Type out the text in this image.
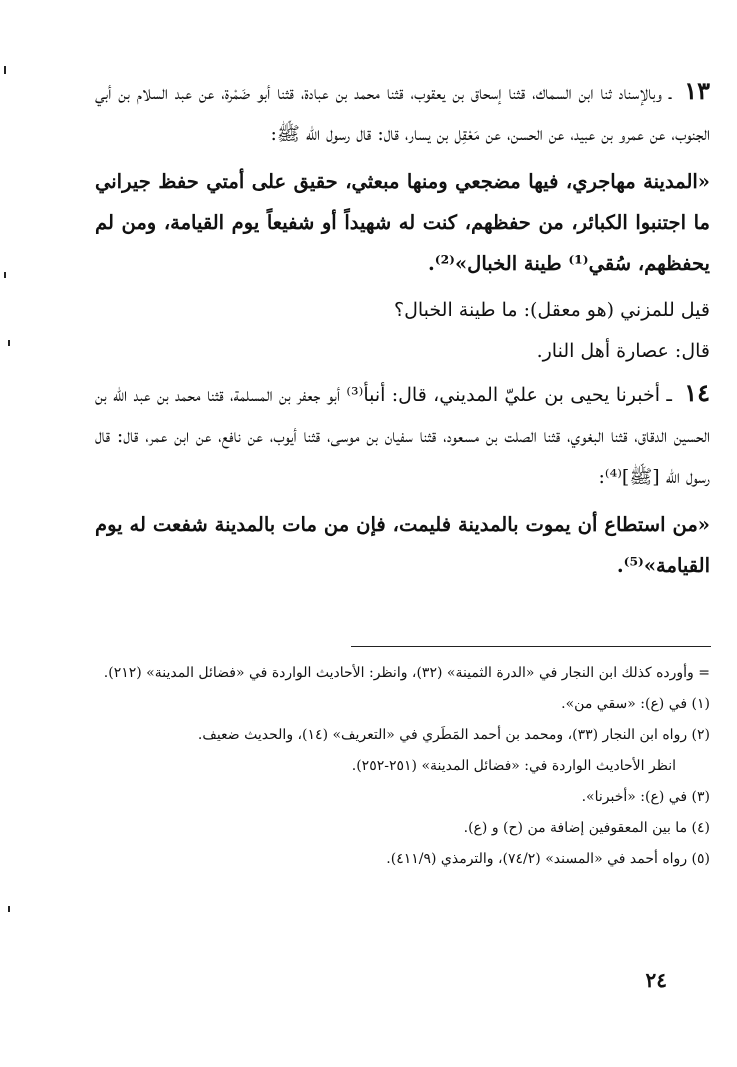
١٣ ـ وبالإسناد ثنا ابن السماك، قثنا إسحاق بن يعقوب، قثنا محمد بن عبادة، قثنا أبو ضَمْرة، عن عبد السلام بن أبي الجنوب، عن عمرو بن عبيد، عن الحسن، عن مَعْقِل بن يسار، قال: قال رسول الله ﷺ:

«المدينة مهاجري، فيها مضجعي ومنها مبعثي، حقيق على أمتي حفظ جيراني ما اجتنبوا الكبائر، من حفظهم، كنت له شهيداً أو شفيعاً يوم القيامة، ومن لم يحفظهم، سُقي⁽¹⁾ طينة الخبال»⁽²⁾.

قيل للمزني (هو معقل): ما طينة الخبال؟

قال: عصارة أهل النار.

١٤ ـ أخبرنا يحيى بن عليّ المديني، قال: أنبأ⁽³⁾ أبو جعفر بن المسلمة، قثنا محمد بن عبد الله بن الحسين الدقاق، قثنا البغوي، قثنا الصلت بن مسعود، قثنا سفيان بن موسى، قثنا أيوب، عن نافع، عن ابن عمر، قال: قال رسول الله [ﷺ]⁽⁴⁾:

«من استطاع أن يموت بالمدينة فليمت، فإن من مات بالمدينة شفعت له يوم القيامة»⁽⁵⁾.

= وأورده كذلك ابن النجار في «الدرة الثمينة» (٣٢)، وانظر: الأحاديث الواردة في «فضائل المدينة» (٢١٢).

(١) في (ع): «سقي من».

(٢) رواه ابن النجار (٣٣)، ومحمد بن أحمد المَطَري في «التعريف» (١٤)، والحديث ضعيف.

انظر الأحاديث الواردة في: «فضائل المدينة» (٢٥١-٢٥٢).

(٣) في (ع): «أخبرنا».

(٤) ما بين المعقوفين إضافة من (ح) و (ع).

(٥) رواه أحمد في «المسند» (٧٤/٢)، والترمذي (٤١١/٩).

٢٤
